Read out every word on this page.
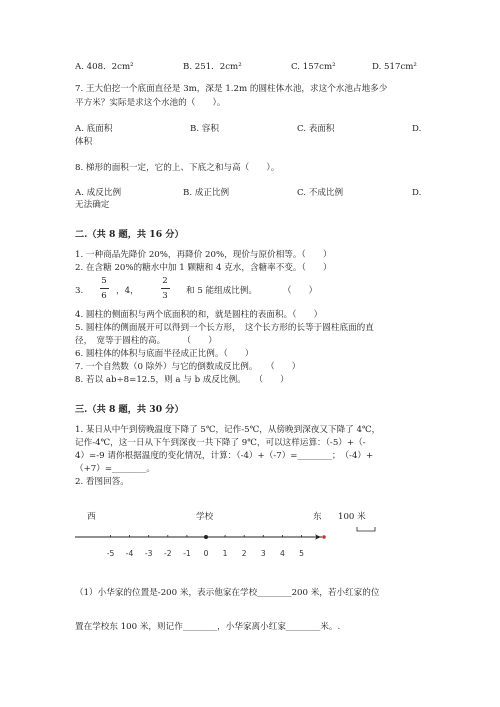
A. 408．2cm²	B. 251．2cm²	C. 157cm²	D. 517cm²
7. 王大伯挖一个底面直径是 3m，深是 1.2m 的圆柱体水池，求这个水池占地多少
平方米？实际是求这个水池的（　　）。
A. 底面积	B. 容积	C. 表面积	D.
体积
8. 梯形的面积一定，它的上、下底之和与高（　　）。
A. 成反比例	B. 成正比例	C. 不成比例	D.
无法确定
二.（共 8 题，共 16 分）
1. 一种商品先降价 20%，再降价 20%，现价与原价相等。（　　）
2. 在含糖 20%的糖水中加 1 颗糖和 4 克水，含糖率不变。（　　）
3.
5
6	，4，
2
3	和 5 能组成比例。　　　　（　　）
4. 圆柱的侧面积与两个底面积的和，就是圆柱的表面积。（　　）
5. 圆柱体的侧面展开可以得到一个长方形，　这个长方形的长等于圆柱底面的直
径，　宽等于圆柱的高。　　　（　　）
6. 圆柱体的体积与底面半径成正比例。（　　）
7. 一个自然数（0 除外）与它的倒数成反比例。　　（　　）
8. 若以 ab÷8=12.5，则 a 与 b 成反比例。　　（　　）
三.（共 8 题，共 30 分）
1. 某日从中午到傍晚温度下降了 5℃，记作-5℃，从傍晚到深夜又下降了 4℃，
记作-4℃，这一日从下午到深夜一共下降了 9℃，可以这样运算：（-5）+（-
4）=-9 请你根据温度的变化情况，计算：（-4）+（-7）=________；　（-4）+
（+7）=________。
2. 看图回答。
-5 -4 -3 -2 -1 0 1 2 3 4 5
西	学校	东 100 米
（1）小华家的位置是-200 米，表示他家在学校________200 米，若小红家的位
置在学校东 100 米，则记作________，小华家离小红家________米。.
